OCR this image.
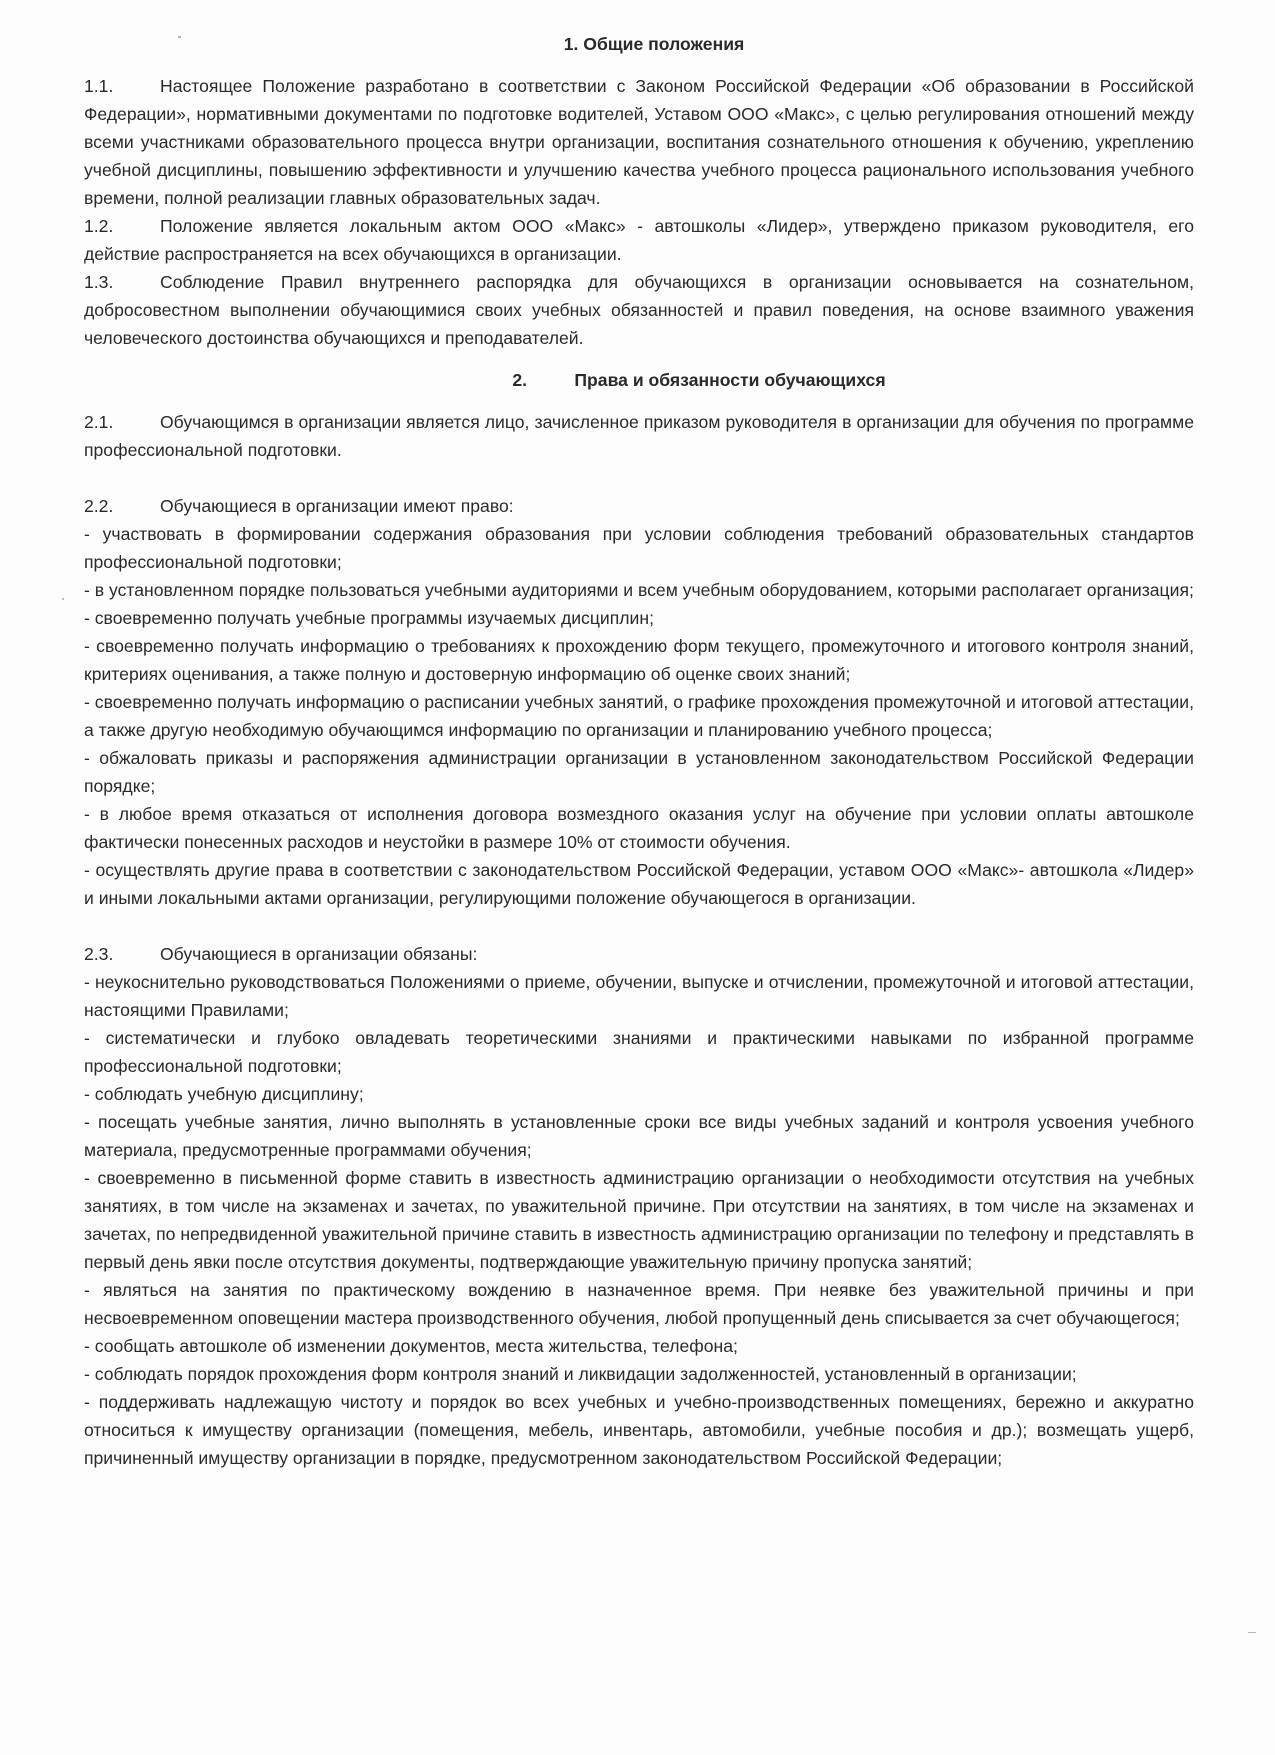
1. Общие положения

1.1.	Настоящее Положение разработано в соответствии с Законом Российской Федерации «Об образовании в Российской Федерации», нормативными документами по подготовке водителей, Уставом ООО «Макс», с целью регулирования отношений между всеми участниками образовательного процесса внутри организации, воспитания сознательного отношения к обучению, укреплению учебной дисциплины, повышению эффективности и улучшению качества учебного процесса рационального использования учебного времени, полной реализации главных образовательных задач.

1.2.	Положение является локальным актом ООО «Макс» - автошколы «Лидер», утверждено приказом руководителя, его действие распространяется на всех обучающихся в организации.

1.3.	Соблюдение Правил внутреннего распорядка для обучающихся в организации основывается на сознательном, добросовестном выполнении обучающимися своих учебных обязанностей и правил поведения, на основе взаимного уважения человеческого достоинства обучающихся и преподавателей.

2.	Права и обязанности обучающихся

2.1.	Обучающимся в организации является лицо, зачисленное приказом руководителя в организации для обучения по программе профессиональной подготовки.

2.2.	Обучающиеся в организации имеют право:

- участвовать в формировании содержания образования при условии соблюдения требований образовательных стандартов профессиональной подготовки;

- в установленном порядке пользоваться учебными аудиториями и всем учебным оборудованием, которыми располагает организация;

- своевременно получать учебные программы изучаемых дисциплин;

- своевременно получать информацию о требованиях к прохождению форм текущего, промежуточного и итогового контроля знаний, критериях оценивания, а также полную и достоверную информацию об оценке своих знаний;

- своевременно получать информацию о расписании учебных занятий, о графике прохождения промежуточной и итоговой аттестации, а также другую необходимую обучающимся информацию по организации и планированию учебного процесса;

- обжаловать приказы и распоряжения администрации организации в установленном законодательством Российской Федерации порядке;

- в любое время отказаться от исполнения договора возмездного оказания услуг на обучение при условии оплаты автошколе фактически понесенных расходов и неустойки в размере 10% от стоимости обучения.

- осуществлять другие права в соответствии с законодательством Российской Федерации, уставом ООО «Макс»- автошкола «Лидер» и иными локальными актами организации, регулирующими положение обучающегося в организации.

2.3.	Обучающиеся в организации обязаны:

- неукоснительно руководствоваться Положениями о приеме, обучении, выпуске и отчислении, промежуточной и итоговой аттестации, настоящими Правилами;

- систематически и глубоко овладевать теоретическими знаниями и практическими навыками по избранной программе профессиональной подготовки;

- соблюдать учебную дисциплину;

- посещать учебные занятия, лично выполнять в установленные сроки все виды учебных заданий и контроля усвоения учебного материала, предусмотренные программами обучения;

- своевременно в письменной форме ставить в известность администрацию организации о необходимости отсутствия на учебных занятиях, в том числе на экзаменах и зачетах, по уважительной причине. При отсутствии на занятиях, в том числе на экзаменах и зачетах, по непредвиденной уважительной причине ставить в известность администрацию организации по телефону и представлять в первый день явки после отсутствия документы, подтверждающие уважительную причину пропуска занятий;

- являться на занятия по практическому вождению в назначенное время. При неявке без уважительной причины и при несвоевременном оповещении мастера производственного обучения, любой пропущенный день списывается за счет обучающегося;

- сообщать автошколе об изменении документов, места жительства, телефона;

- соблюдать порядок прохождения форм контроля знаний и ликвидации задолженностей, установленный в организации;

- поддерживать надлежащую чистоту и порядок во всех учебных и учебно-производственных помещениях, бережно и аккуратно относиться к имуществу организации (помещения, мебель, инвентарь, автомобили, учебные пособия и др.); возмещать ущерб, причиненный имуществу организации в порядке, предусмотренном законодательством Российской Федерации;
